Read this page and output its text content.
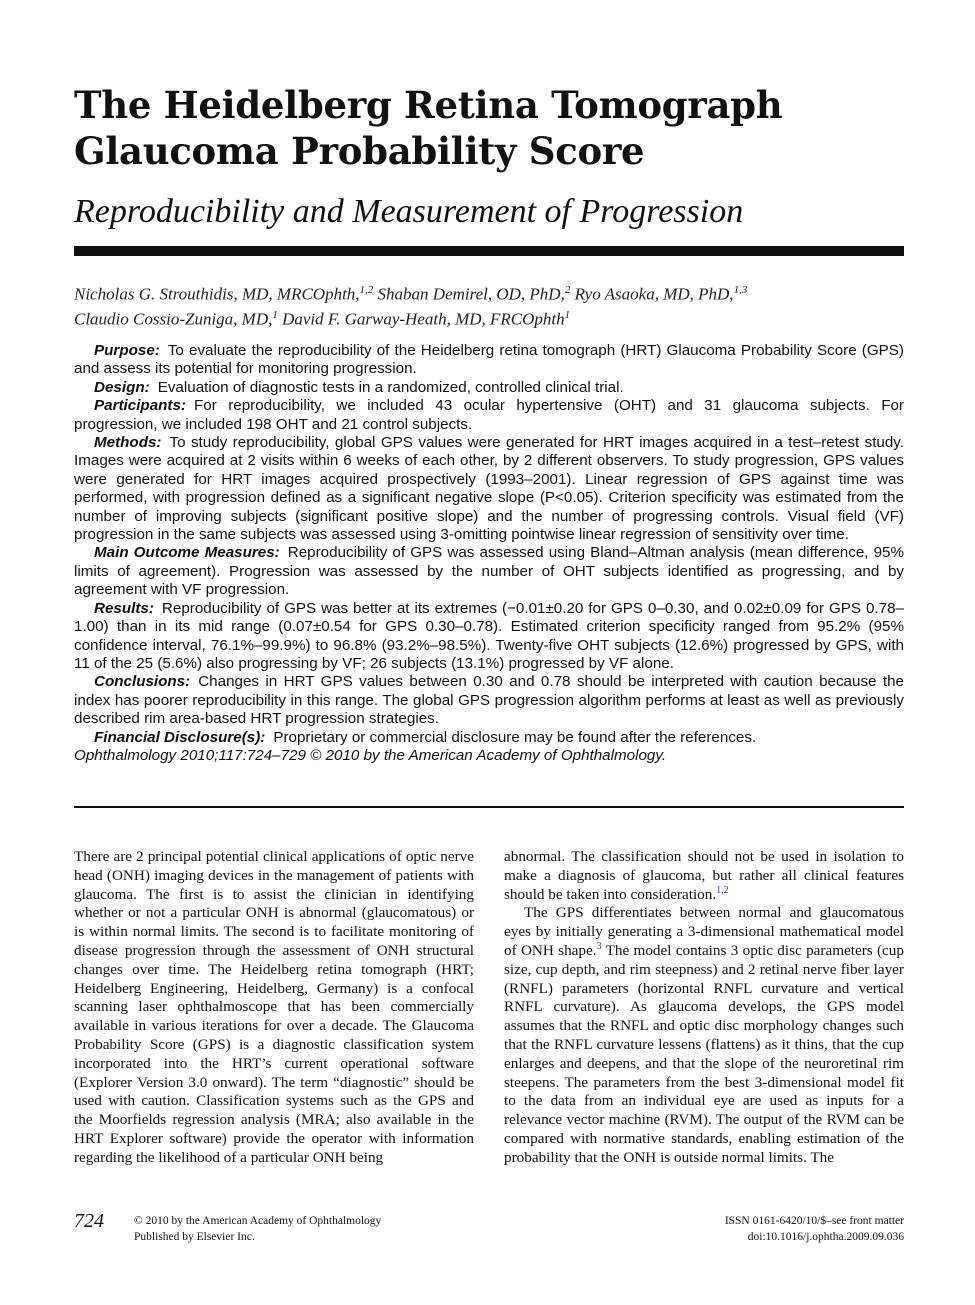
The Heidelberg Retina Tomograph
Glaucoma Probability Score
Reproducibility and Measurement of Progression
Nicholas G. Strouthidis, MD, MRCOphth,$^{1,2}$ Shaban Demirel, OD, PhD,$^2$ Ryo Asaoka, MD, PhD,$^{1,3}$
Claudio Cossio-Zuniga, MD,$^1$ David F. Garway-Heath, MD, FRCOphth$^1$

Purpose: To evaluate the reproducibility of the Heidelberg retina tomograph (HRT) Glaucoma Probability Score (GPS) and assess its potential for monitoring progression.

Design: Evaluation of diagnostic tests in a randomized, controlled clinical trial.

Participants: For reproducibility, we included 43 ocular hypertensive (OHT) and 31 glaucoma subjects. For progression, we included 198 OHT and 21 control subjects.

Methods: To study reproducibility, global GPS values were generated for HRT images acquired in a test–retest study. Images were acquired at 2 visits within 6 weeks of each other, by 2 different observers. To study progression, GPS values were generated for HRT images acquired prospectively (1993–2001). Linear regression of GPS against time was performed, with progression defined as a significant negative slope (P<0.05). Criterion specificity was estimated from the number of improving subjects (significant positive slope) and the number of progressing controls. Visual field (VF) progression in the same subjects was assessed using 3-omitting pointwise linear regression of sensitivity over time.

Main Outcome Measures: Reproducibility of GPS was assessed using Bland–Altman analysis (mean difference, 95% limits of agreement). Progression was assessed by the number of OHT subjects identified as progressing, and by agreement with VF progression.

Results: Reproducibility of GPS was better at its extremes (−0.01±0.20 for GPS 0–0.30, and 0.02±0.09 for GPS 0.78–1.00) than in its mid range (0.07±0.54 for GPS 0.30–0.78). Estimated criterion specificity ranged from 95.2% (95% confidence interval, 76.1%–99.9%) to 96.8% (93.2%–98.5%). Twenty-five OHT subjects (12.6%) progressed by GPS, with 11 of the 25 (5.6%) also progressing by VF; 26 subjects (13.1%) progressed by VF alone.

Conclusions: Changes in HRT GPS values between 0.30 and 0.78 should be interpreted with caution because the index has poorer reproducibility in this range. The global GPS progression algorithm performs at least as well as previously described rim area-based HRT progression strategies.

Financial Disclosure(s): Proprietary or commercial disclosure may be found after the references.

Ophthalmology 2010;117:724–729 © 2010 by the American Academy of Ophthalmology.

There are 2 principal potential clinical applications of optic nerve head (ONH) imaging devices in the management of patients with glaucoma. The first is to assist the clinician in identifying whether or not a particular ONH is abnormal (glaucomatous) or is within normal limits. The second is to facilitate monitoring of disease progression through the assessment of ONH structural changes over time. The Heidelberg retina tomograph (HRT; Heidelberg Engineering, Heidelberg, Germany) is a confocal scanning laser ophthalmoscope that has been commercially available in various iterations for over a decade. The Glaucoma Probability Score (GPS) is a diagnostic classification system incorporated into the HRT’s current operational software (Explorer Version 3.0 onward). The term “diagnostic” should be used with caution. Classification systems such as the GPS and the Moorfields regression analysis (MRA; also available in the HRT Explorer software) provide the operator with information regarding the likelihood of a particular ONH being

abnormal. The classification should not be used in isolation to make a diagnosis of glaucoma, but rather all clinical features should be taken into consideration.$^{1,2}$

The GPS differentiates between normal and glaucomatous eyes by initially generating a 3-dimensional mathematical model of ONH shape.$^3$ The model contains 3 optic disc parameters (cup size, cup depth, and rim steepness) and 2 retinal nerve fiber layer (RNFL) parameters (horizontal RNFL curvature and vertical RNFL curvature). As glaucoma develops, the GPS model assumes that the RNFL and optic disc morphology changes such that the RNFL curvature lessens (flattens) as it thins, that the cup enlarges and deepens, and that the slope of the neuroretinal rim steepens. The parameters from the best 3-dimensional model fit to the data from an individual eye are used as inputs for a relevance vector machine (RVM). The output of the RVM can be compared with normative standards, enabling estimation of the probability that the ONH is outside normal limits. The

724	© 2010 by the American Academy of Ophthalmology
Published by Elsevier Inc.
ISSN 0161-6420/10/$–see front matter
doi:10.1016/j.ophtha.2009.09.036
